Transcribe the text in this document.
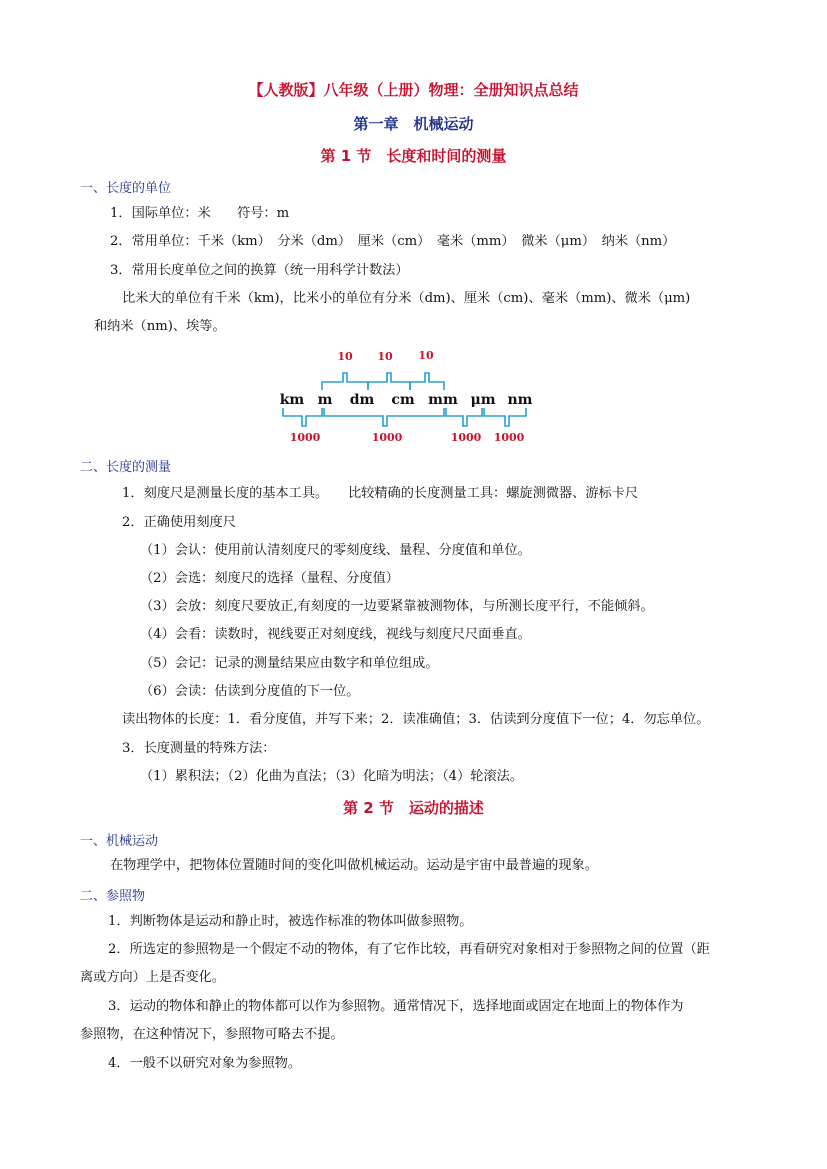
【人教版】八年级（上册）物理：全册知识点总结
第一章　机械运动
第 1 节　长度和时间的测量
一、长度的单位
1．国际单位：米　　符号：m
2．常用单位：千米（km）　分米（dm）　厘米（cm）　毫米（mm）　微米（μm）　纳米（nm）
3．常用长度单位之间的换算（统一用科学计数法）
比米大的单位有千米（km)，比米小的单位有分米（dm)、厘米（cm)、毫米（mm)、微米（μm)
和纳米（nm)、埃等。
km m dm cm mm μm nm
10 10 10
1000	1000	1000 1000
二、长度的测量
1．刻度尺是测量长度的基本工具。　　比较精确的长度测量工具：螺旋测微器、游标卡尺
2．正确使用刻度尺
（1）会认：使用前认清刻度尺的零刻度线、量程、分度值和单位。
（2）会选：刻度尺的选择（量程、分度值）
（3）会放：刻度尺要放正,有刻度的一边要紧靠被测物体，与所测长度平行，不能倾斜。
（4）会看：读数时，视线要正对刻度线，视线与刻度尺尺面垂直。
（5）会记：记录的测量结果应由数字和单位组成。
（6）会读：估读到分度值的下一位。
读出物体的长度：1．看分度值，并写下来；2．读准确值；3．估读到分度值下一位；4．勿忘单位。
3．长度测量的特殊方法：
（1）累积法；（2）化曲为直法；（3）化暗为明法；（4）轮滚法。
第 2 节　运动的描述
一、机械运动
在物理学中，把物体位置随时间的变化叫做机械运动。运动是宇宙中最普遍的现象。
二、参照物
1．判断物体是运动和静止时，被选作标准的物体叫做参照物。
2．所选定的参照物是一个假定不动的物体，有了它作比较，再看研究对象相对于参照物之间的位置（距
离或方向）上是否变化。
3．运动的物体和静止的物体都可以作为参照物。通常情况下，选择地面或固定在地面上的物体作为
参照物，在这种情况下，参照物可略去不提。
4．一般不以研究对象为参照物。
